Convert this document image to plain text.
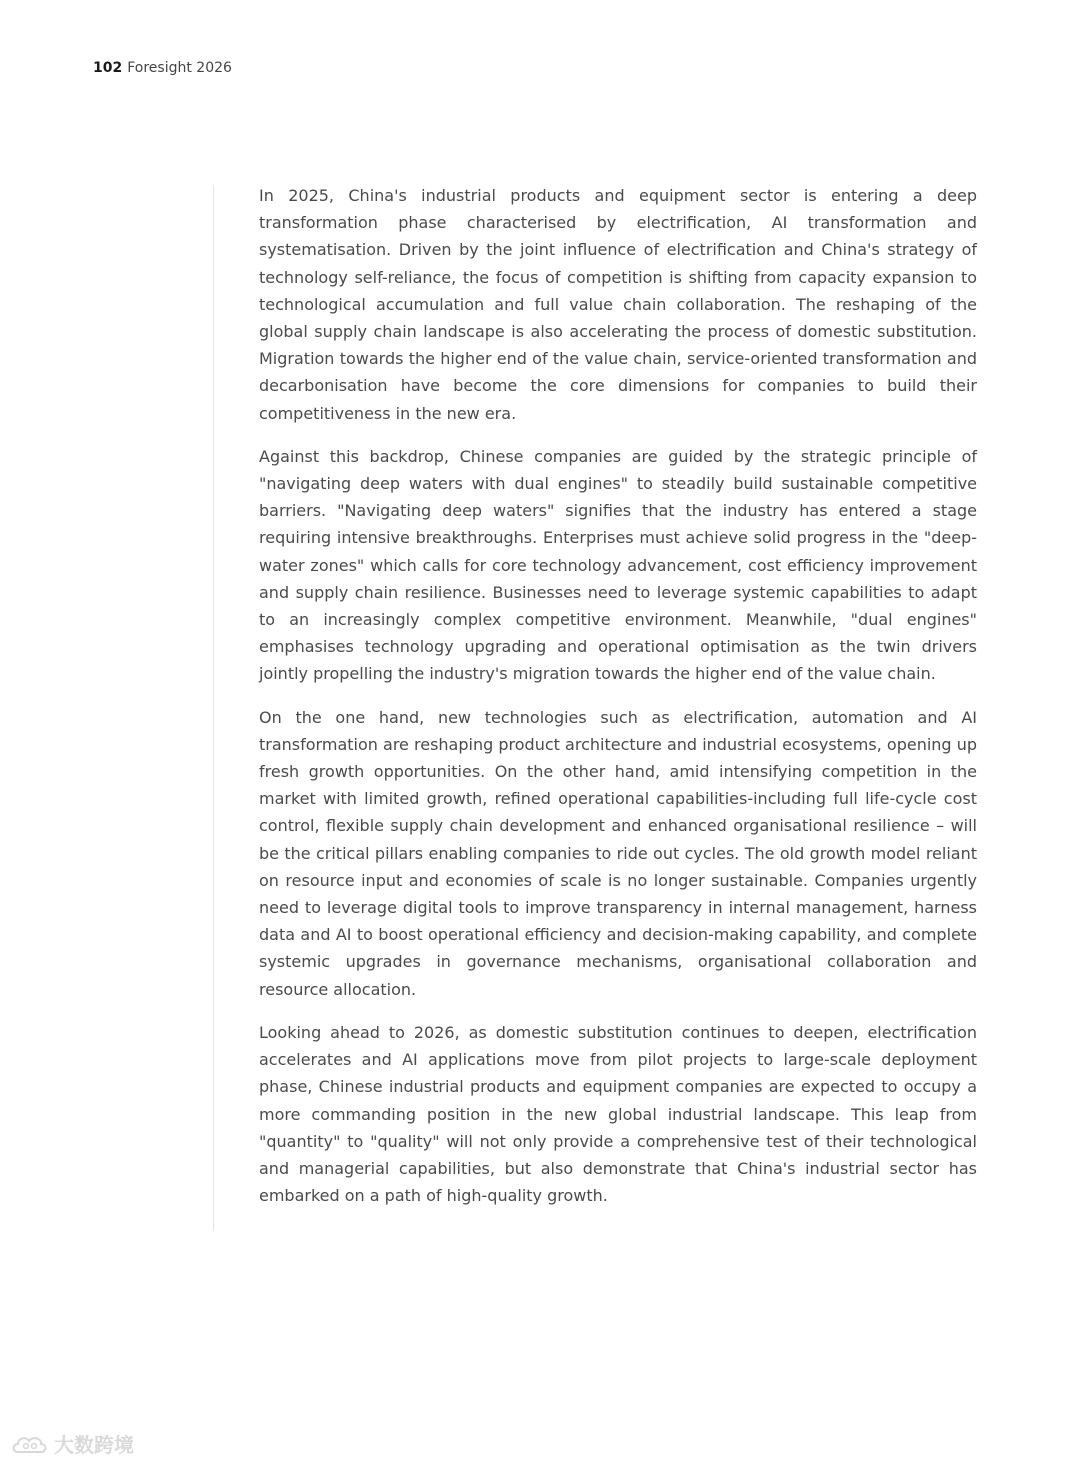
102 Foresight 2026

In 2025, China's industrial products and equipment sector is entering a deep transformation phase characterised by electrification, AI transformation and systematisation. Driven by the joint influence of electrification and China's strategy of technology self-reliance, the focus of competition is shifting from capacity expansion to technological accumulation and full value chain collaboration. The reshaping of the global supply chain landscape is also accelerating the process of domestic substitution. Migration towards the higher end of the value chain, service-oriented transformation and decarbonisation have become the core dimensions for companies to build their competitiveness in the new era.

Against this backdrop, Chinese companies are guided by the strategic principle of "navigating deep waters with dual engines" to steadily build sustainable competitive barriers. "Navigating deep waters" signifies that the industry has entered a stage requiring intensive breakthroughs. Enterprises must achieve solid progress in the "deep-water zones" which calls for core technology advancement, cost efficiency improvement and supply chain resilience. Businesses need to leverage systemic capabilities to adapt to an increasingly complex competitive environment. Meanwhile, "dual engines" emphasises technology upgrading and operational optimisation as the twin drivers jointly propelling the industry's migration towards the higher end of the value chain.

On the one hand, new technologies such as electrification, automation and AI transformation are reshaping product architecture and industrial ecosystems, opening up fresh growth opportunities. On the other hand, amid intensifying competition in the market with limited growth, refined operational capabilities-including full life-cycle cost control, flexible supply chain development and enhanced organisational resilience – will be the critical pillars enabling companies to ride out cycles. The old growth model reliant on resource input and economies of scale is no longer sustainable. Companies urgently need to leverage digital tools to improve transparency in internal management, harness data and AI to boost operational efficiency and decision-making capability, and complete systemic upgrades in governance mechanisms, organisational collaboration and resource allocation.

Looking ahead to 2026, as domestic substitution continues to deepen, electrification accelerates and AI applications move from pilot projects to large-scale deployment phase, Chinese industrial products and equipment companies are expected to occupy a more commanding position in the new global industrial landscape. This leap from "quantity" to "quality" will not only provide a comprehensive test of their technological and managerial capabilities, but also demonstrate that China's industrial sector has embarked on a path of high-quality growth.

大数跨境
